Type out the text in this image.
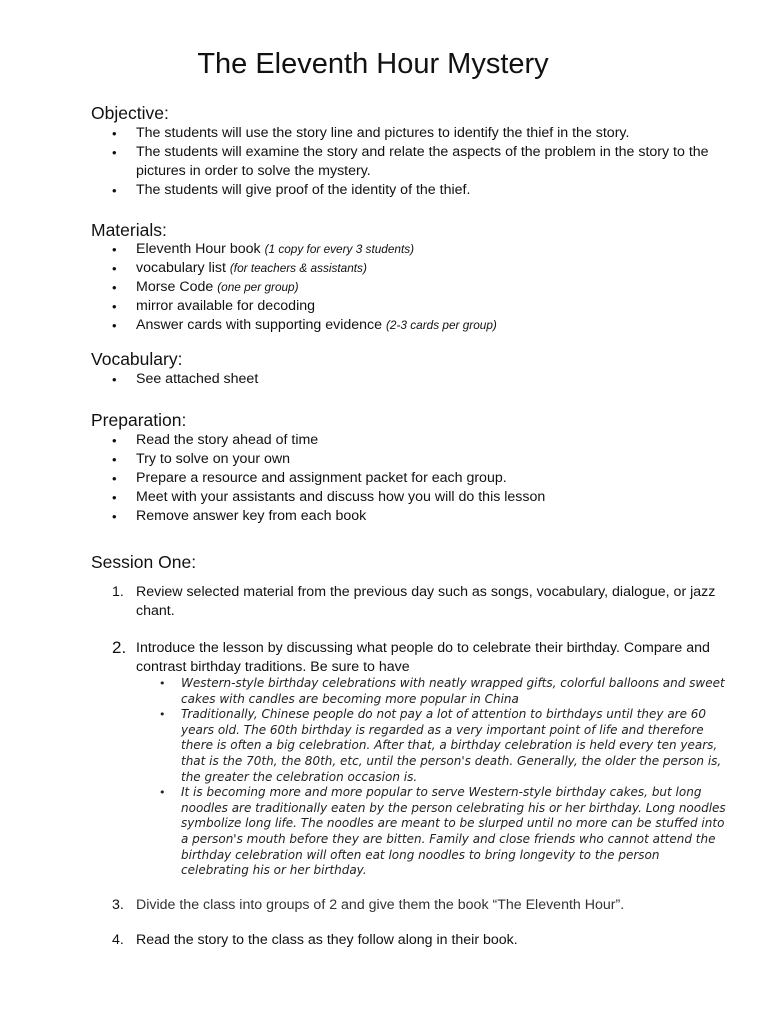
The Eleventh Hour Mystery
Objective:
• The students will use the story line and pictures to identify the thief in the story.
• The students will examine the story and relate the aspects of the problem in the story to the pictures in order to solve the mystery.
• The students will give proof of the identity of the thief.
Materials:
• Eleventh Hour book (1 copy for every 3 students)
• vocabulary list (for teachers & assistants)
• Morse Code (one per group)
• mirror available for decoding
• Answer cards with supporting evidence (2-3 cards per group)
Vocabulary:
• See attached sheet
Preparation:
• Read the story ahead of time
• Try to solve on your own
• Prepare a resource and assignment packet for each group.
• Meet with your assistants and discuss how you will do this lesson
• Remove answer key from each book
Session One:
1. Review selected material from the previous day such as songs, vocabulary, dialogue, or jazz chant.
2. Introduce the lesson by discussing what people do to celebrate their birthday. Compare and contrast birthday traditions. Be sure to have
• Western-style birthday celebrations with neatly wrapped gifts, colorful balloons and sweet cakes with candles are becoming more popular in China
• Traditionally, Chinese people do not pay a lot of attention to birthdays until they are 60 years old. The 60th birthday is regarded as a very important point of life and therefore there is often a big celebration. After that, a birthday celebration is held every ten years, that is the 70th, the 80th, etc, until the person's death. Generally, the older the person is, the greater the celebration occasion is.
• It is becoming more and more popular to serve Western-style birthday cakes, but long noodles are traditionally eaten by the person celebrating his or her birthday. Long noodles symbolize long life. The noodles are meant to be slurped until no more can be stuffed into a person's mouth before they are bitten. Family and close friends who cannot attend the birthday celebration will often eat long noodles to bring longevity to the person celebrating his or her birthday.
3. Divide the class into groups of 2 and give them the book “The Eleventh Hour”.
4. Read the story to the class as they follow along in their book.
